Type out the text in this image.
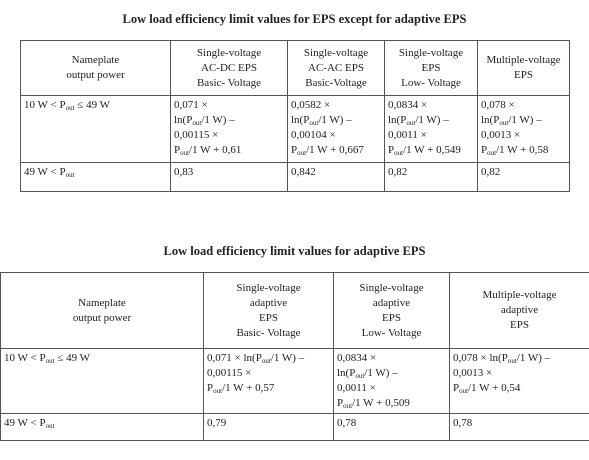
Low load efficiency limit values for EPS except for adaptive EPS
Nameplate
output power	Single-voltage
AC-DC EPS
Basic- Voltage	Single-voltage
AC-AC EPS
Basic-Voltage	Single-voltage
EPS
Low- Voltage	Multiple-voltage
EPS

10 $W < P_{out} \le 49$ W	0,071 ×
$\ln(P_{out}/1$ W) –
0,00115 ×
$P_{out}/1$ W + 0,61	0,0582 ×
$\ln(P_{out}/1$ W) –
0,00104 ×
$P_{out}/1$ W + 0,667	0,0834 ×
$\ln(P_{out}/1$ W) –
0,0011 ×
$P_{out}/1$ W + 0,549	0,078 ×
$\ln(P_{out}/1$ W) –
0,0013 ×
$P_{out}/1$ W + 0,58

49 $W < P_{out}$	0,83	0,842	0,82	0,82
Low load efficiency limit values for adaptive EPS
Nameplate
output power	Single-voltage
adaptive
EPS
Basic- Voltage	Single-voltage
adaptive
EPS
Low- Voltage	Multiple-voltage
adaptive
EPS

10 $W < P_{out} \le 49$ W	$0,071 \times \ln(P_{out}/1$ W) –
0,00115 ×
$P_{out}/1$ W + 0,57	0,0834 ×
$\ln(P_{out}/1$ W) –
0,0011 ×
$P_{out}/1$ W + 0,509	$0,078 \times \ln(P_{out}/1$ W) –
0,0013 ×
$P_{out}/1$ W + 0,54

49 $W < P_{out}$	0,79	0,78	0,78
